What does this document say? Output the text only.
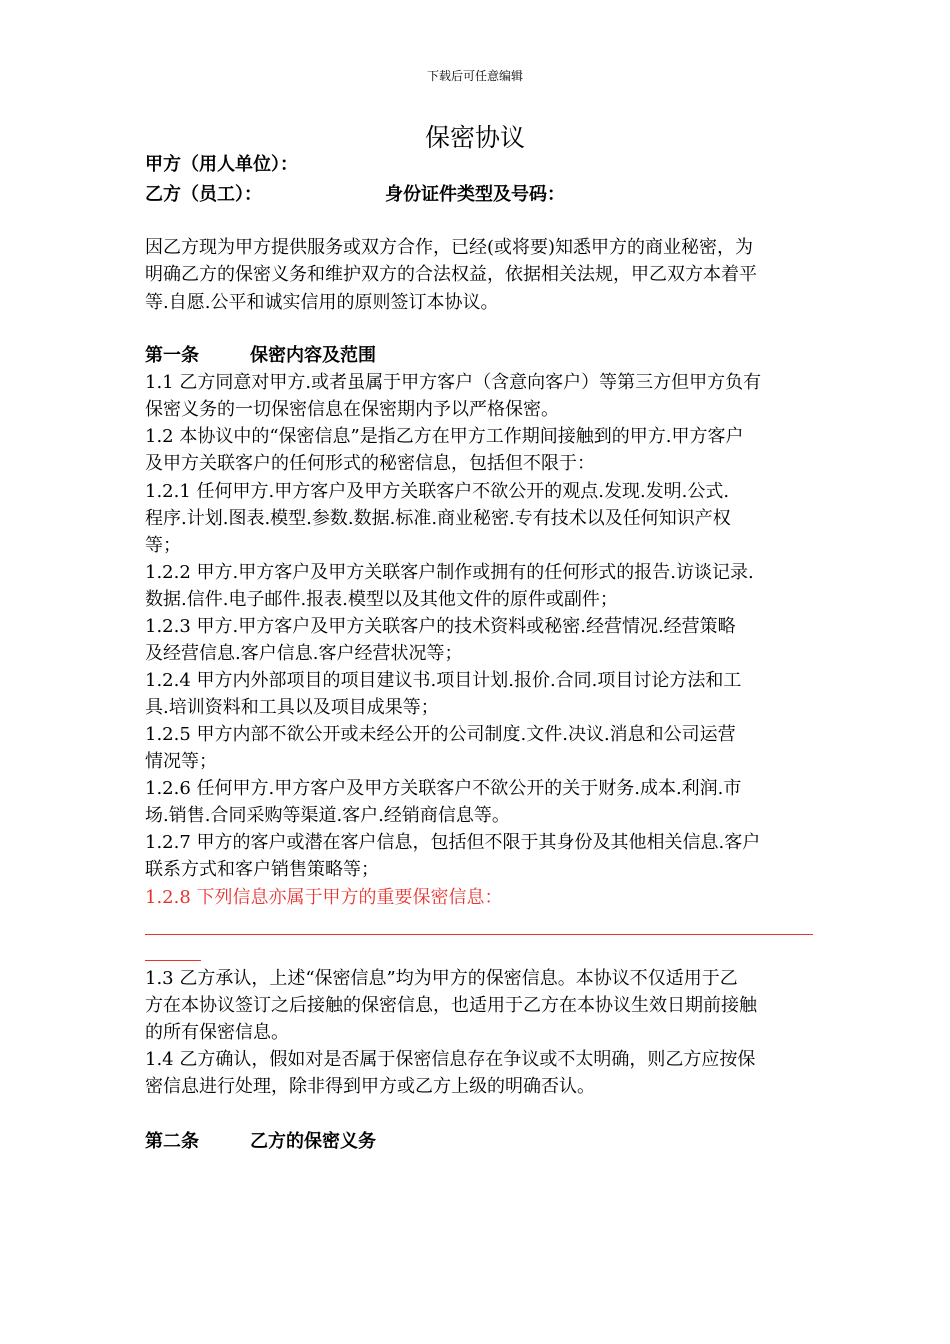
下载后可任意编辑
保密协议
甲方（用人单位）：
乙方（员工）：	身份证件类型及号码：
因乙方现为甲方提供服务或双方合作，已经(或将要)知悉甲方的商业秘密，为
明确乙方的保密义务和维护双方的合法权益，依据相关法规，甲乙双方本着平
等.自愿.公平和诚实信用的原则签订本协议。
第一条	保密内容及范围
1.1 乙方同意对甲方.或者虽属于甲方客户（含意向客户）等第三方但甲方负有
保密义务的一切保密信息在保密期内予以严格保密。
1.2 本协议中的“保密信息”是指乙方在甲方工作期间接触到的甲方.甲方客户
及甲方关联客户的任何形式的秘密信息，包括但不限于：
1.2.1 任何甲方.甲方客户及甲方关联客户不欲公开的观点.发现.发明.公式.
程序.计划.图表.模型.参数.数据.标准.商业秘密.专有技术以及任何知识产权
等；
1.2.2 甲方.甲方客户及甲方关联客户制作或拥有的任何形式的报告.访谈记录.
数据.信件.电子邮件.报表.模型以及其他文件的原件或副件；
1.2.3 甲方.甲方客户及甲方关联客户的技术资料或秘密.经营情况.经营策略
及经营信息.客户信息.客户经营状况等；
1.2.4 甲方内外部项目的项目建议书.项目计划.报价.合同.项目讨论方法和工
具.培训资料和工具以及项目成果等；
1.2.5 甲方内部不欲公开或未经公开的公司制度.文件.决议.消息和公司运营
情况等；
1.2.6 任何甲方.甲方客户及甲方关联客户不欲公开的关于财务.成本.利润.市
场.销售.合同采购等渠道.客户.经销商信息等。
1.2.7 甲方的客户或潜在客户信息，包括但不限于其身份及其他相关信息.客户
联系方式和客户销售策略等；
1.2.8 下列信息亦属于甲方的重要保密信息：
1.3 乙方承认，上述“保密信息”均为甲方的保密信息。本协议不仅适用于乙
方在本协议签订之后接触的保密信息，也适用于乙方在本协议生效日期前接触
的所有保密信息。
1.4 乙方确认，假如对是否属于保密信息存在争议或不太明确，则乙方应按保
密信息进行处理，除非得到甲方或乙方上级的明确否认。
第二条	乙方的保密义务
